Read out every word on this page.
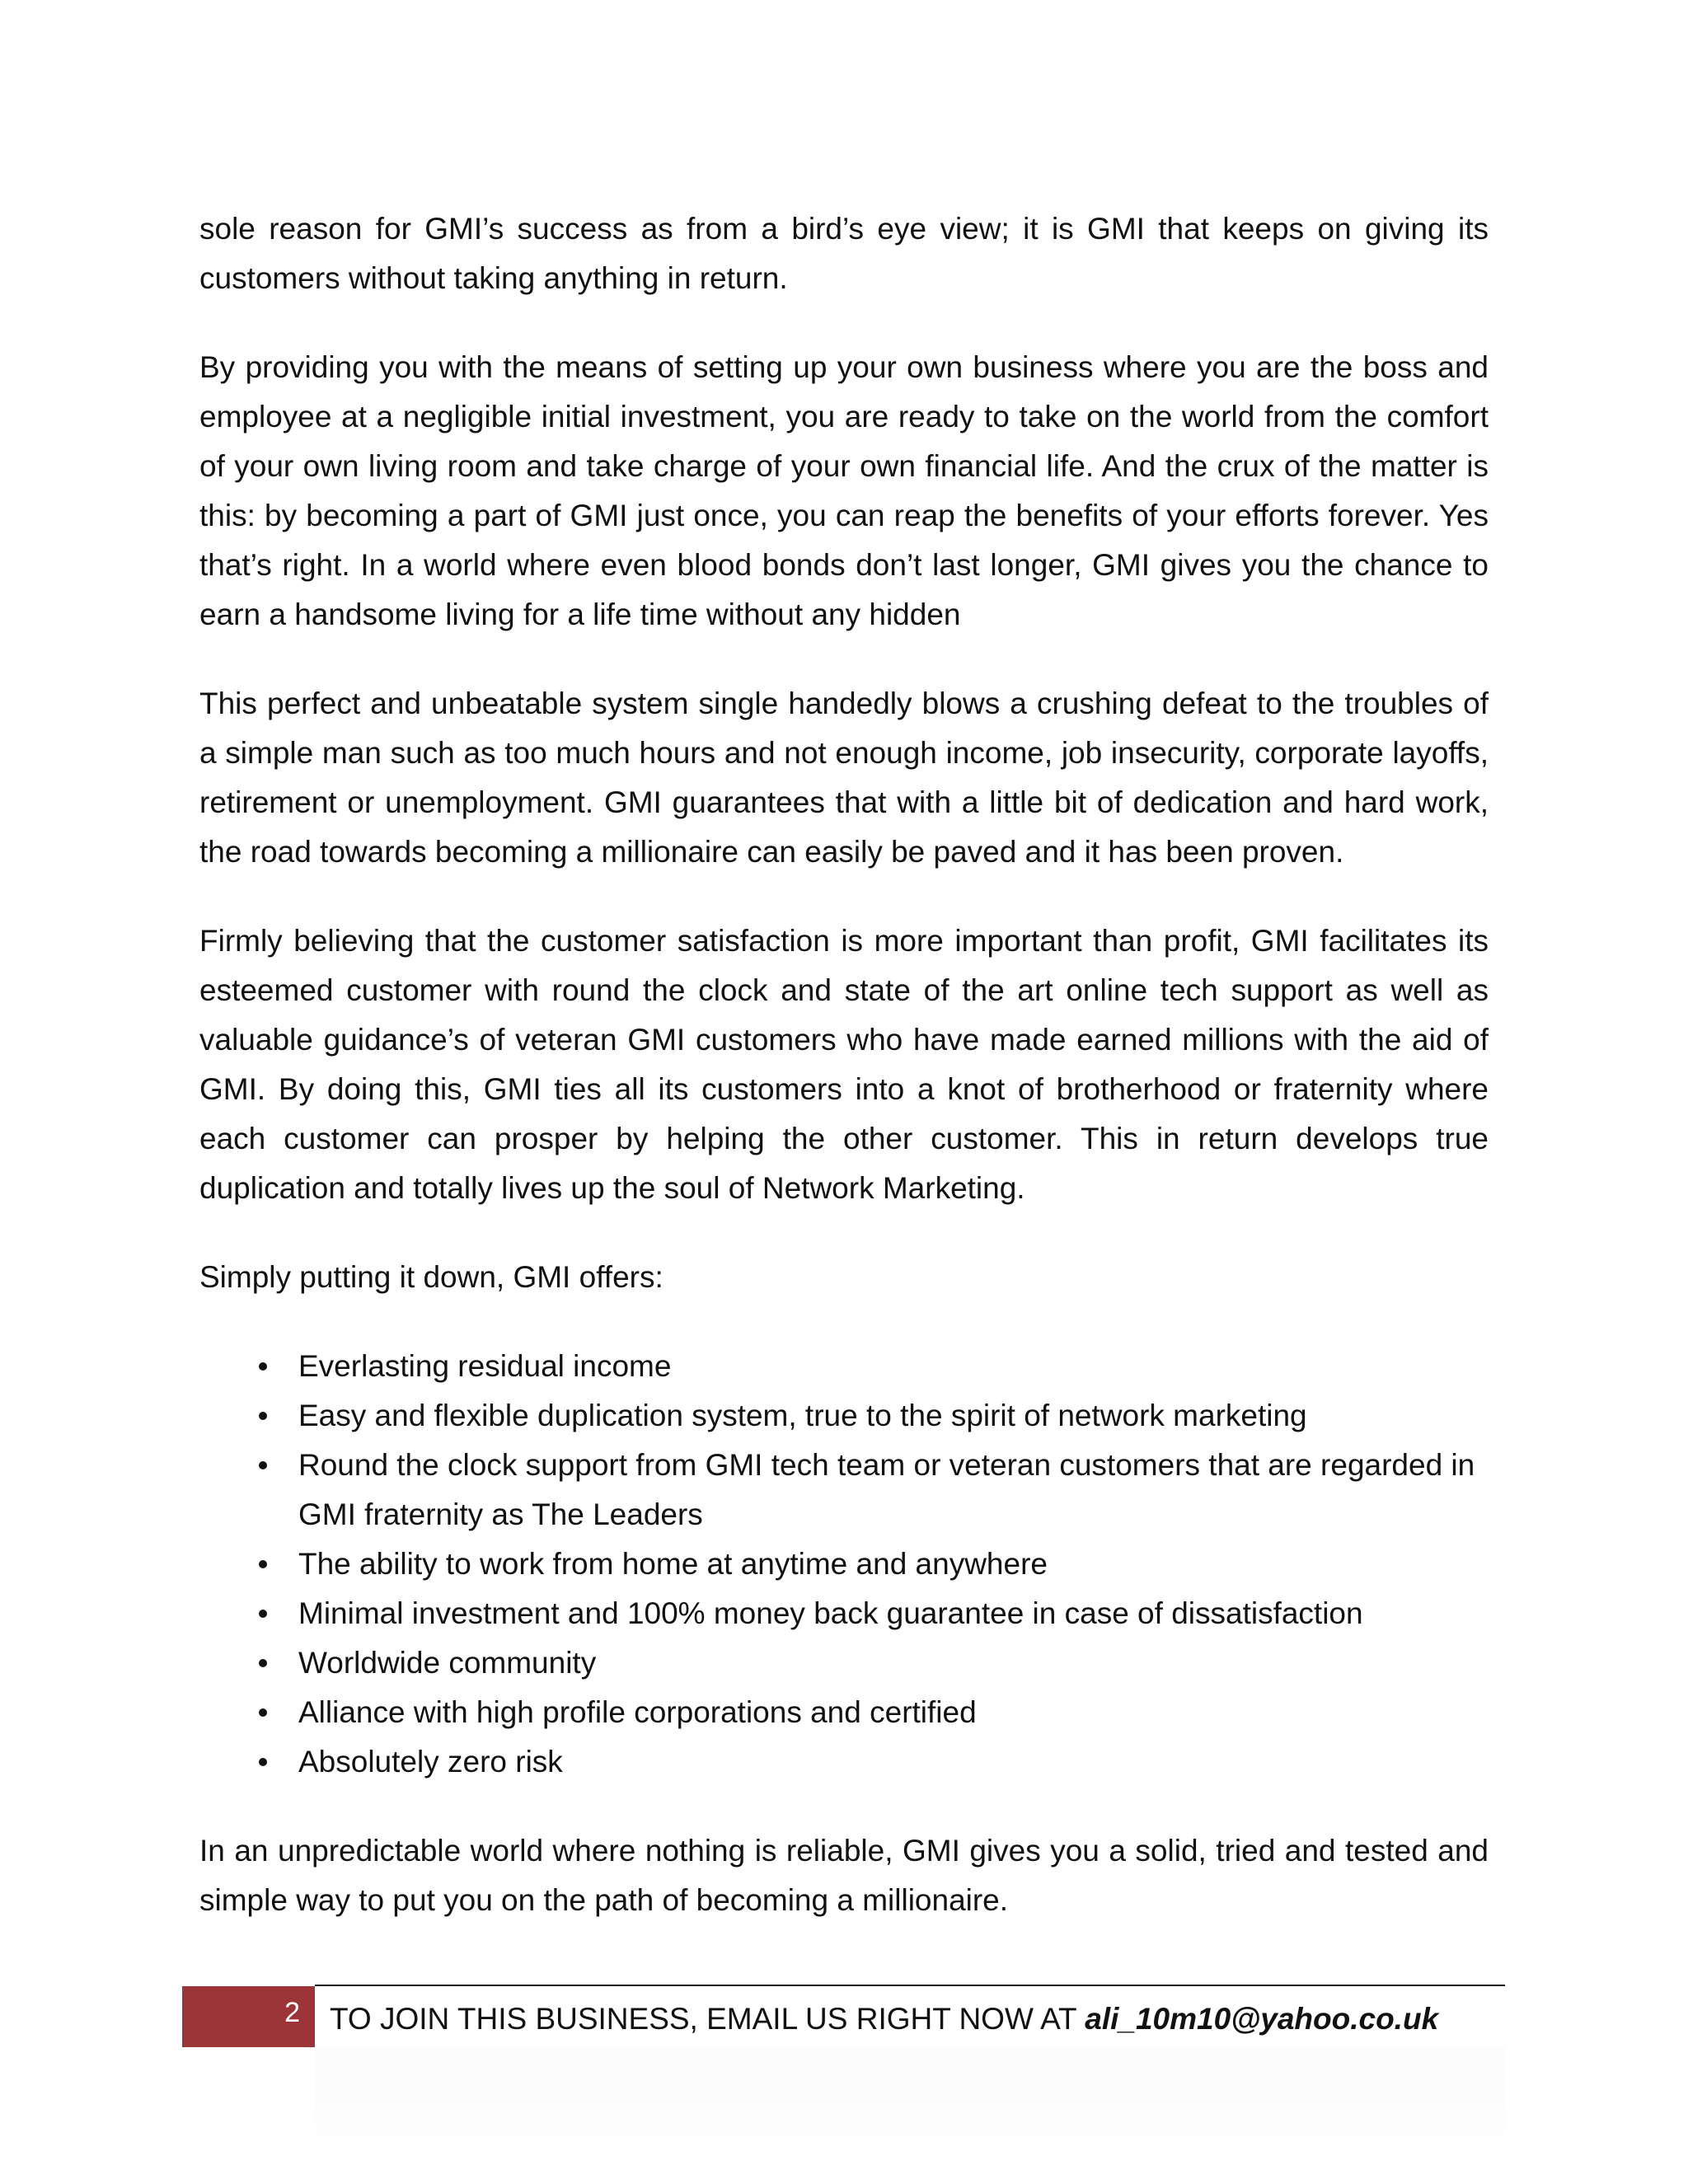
sole reason for GMI’s success as from a bird’s eye view; it is GMI that keeps on giving its customers without taking anything in return.

By providing you with the means of setting up your own business where you are the boss and employee at a negligible initial investment, you are ready to take on the world from the comfort of your own living room and take charge of your own financial life. And the crux of the matter is this: by becoming a part of GMI just once, you can reap the benefits of your efforts forever. Yes that’s right. In a world where even blood bonds don’t last longer, GMI gives you the chance to earn a handsome living for a life time without any hidden

This perfect and unbeatable system single handedly blows a crushing defeat to the troubles of a simple man such as too much hours and not enough income, job insecurity, corporate layoffs, retirement or unemployment. GMI guarantees that with a little bit of dedication and hard work, the road towards becoming a millionaire can easily be paved and it has been proven.

Firmly believing that the customer satisfaction is more important than profit, GMI facilitates its esteemed customer with round the clock and state of the art online tech support as well as valuable guidance’s of veteran GMI customers who have made earned millions with the aid of GMI. By doing this, GMI ties all its customers into a knot of brotherhood or fraternity where each customer can prosper by helping the other customer. This in return develops true duplication and totally lives up the soul of Network Marketing.

Simply putting it down, GMI offers:

Everlasting residual income
Easy and flexible duplication system, true to the spirit of network marketing
Round the clock support from GMI tech team or veteran customers that are regarded in GMI fraternity as The Leaders
The ability to work from home at anytime and anywhere
Minimal investment and 100% money back guarantee in case of dissatisfaction
Worldwide community
Alliance with high profile corporations and certified
Absolutely zero risk

In an unpredictable world where nothing is reliable, GMI gives you a solid, tried and tested and simple way to put you on the path of becoming a millionaire.

2 TO JOIN THIS BUSINESS, EMAIL US RIGHT NOW AT ali_10m10@yahoo.co.uk
